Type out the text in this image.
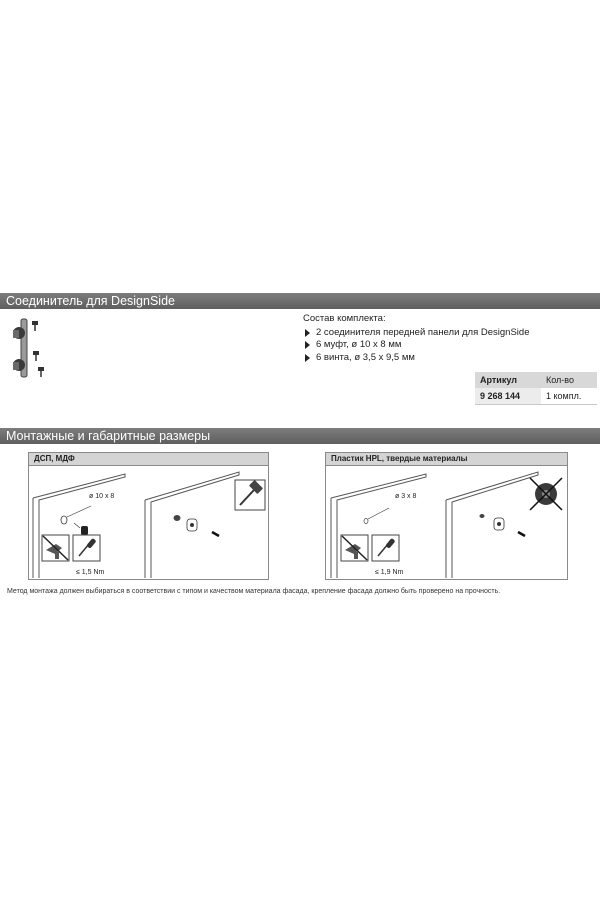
Соединитель для DesignSide
Состав комплекта:
2 соединителя передней панели для DesignSide
6 муфт, ø 10 x 8 мм
6 винта, ø 3,5 x 9,5 мм
Артикул	Кол-во
9 268 144	1 компл.
Монтажные и габаритные размеры
ДСП, МДФ
ø 10 x 8
≤ 1,5 Nm
Пластик HPL, твердые материалы
ø 3 x 8
≤ 1,9 Nm
Метод монтажа должен выбираться в соответствии с типом и качеством материала фасада, крепление фасада должно быть проверено на прочность.
